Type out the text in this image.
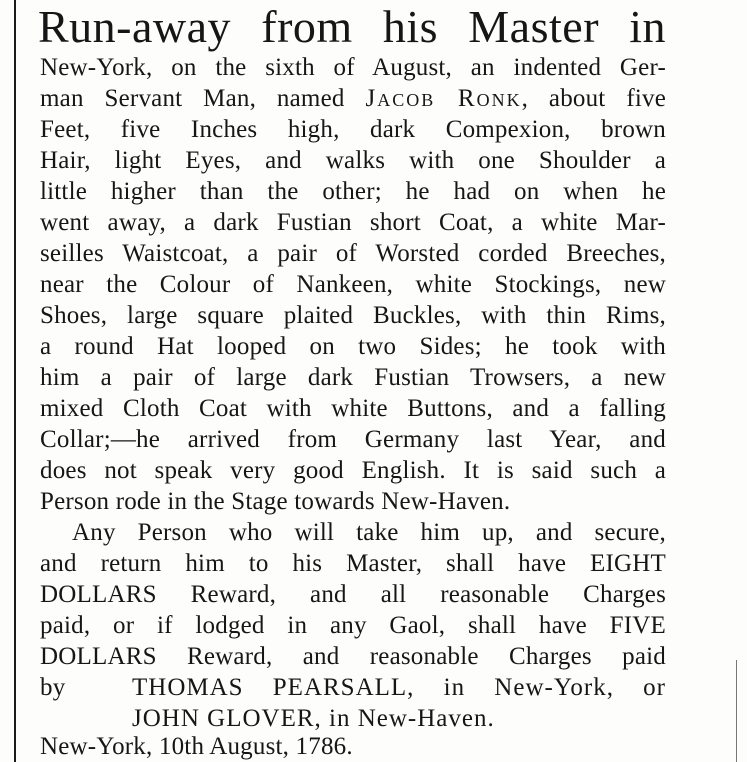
Run-away from his Master in
New-York, on the sixth of August, an indented Ger-
man Servant Man, named Jacob Ronk, about five
Feet, five Inches high, dark Compexion, brown
Hair, light Eyes, and walks with one Shoulder a
little higher than the other; he had on when he
went away, a dark Fustian short Coat, a white Mar-
seilles Waistcoat, a pair of Worsted corded Breeches,
near the Colour of Nankeen, white Stockings, new
Shoes, large square plaited Buckles, with thin Rims,
a round Hat looped on two Sides; he took with
him a pair of large dark Fustian Trowsers, a new
mixed Cloth Coat with white Buttons, and a falling
Collar;—he arrived from Germany last Year, and
does not speak very good English. It is said such a
Person rode in the Stage towards New-Haven.
Any Person who will take him up, and secure,
and return him to his Master, shall have EIGHT
DOLLARS Reward, and all reasonable Charges
paid, or if lodged in any Gaol, shall have FIVE
DOLLARS Reward, and reasonable Charges paid
by	THOMAS PEARSALL, in New-York, or
JOHN GLOVER, in New-Haven.
New-York, 10th August, 1786.
